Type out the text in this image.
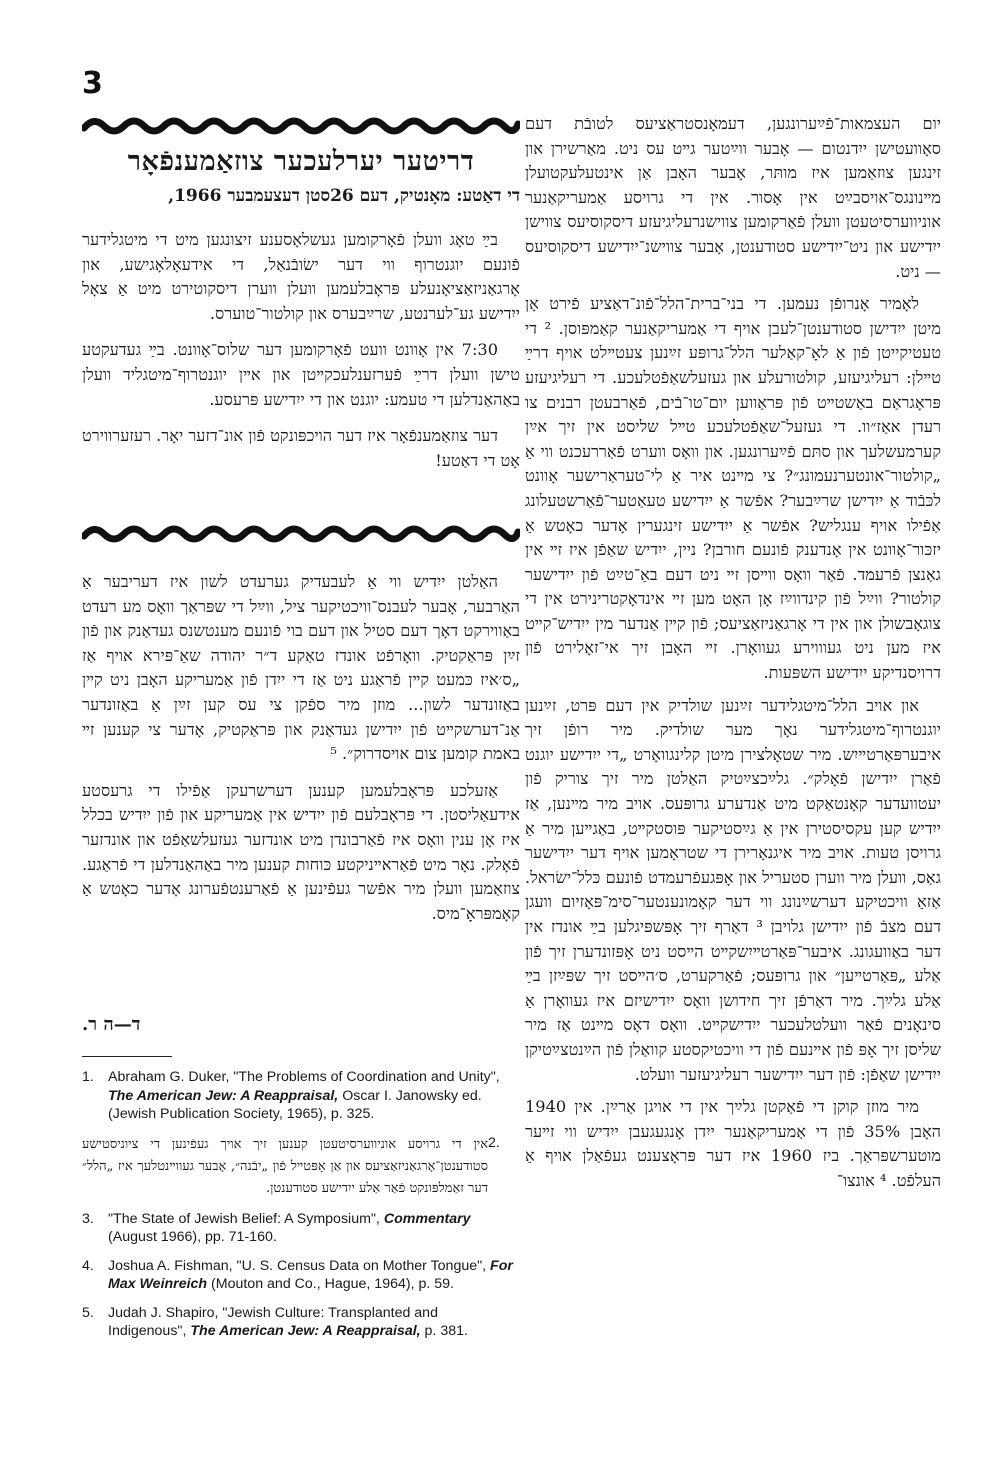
3

יום העצמאות־פֿײַערונגען, דעמאָנסטראַציעס לטובֿת דעם סאָוועטישן ייִדנטום — אָבער ווײַטער גײט עס ניט. מאַרשירן און זינגען צוזאַמען איז מותּר, אָבער האָבן אַן אינטעלעקטועלן מײנונגס־אויסבײַט אין אָסור. אין די גרויסע אַמעריקאַנער אוניווערסיטעטן וועלן פֿאַרקומען צווישנרעליגיעזע דיסקוסיעס צווישן ייִדישע און ניט־ייִדישע סטודענטן, אָבער צווישנ־ייִדישע דיסקוסיעס — ניט.

לאָמיר אָנרופֿן נעמען. די בני־ברית־הלל־פֿונ־דאַציע פֿירט אָן מיטן ייִדישן סטודענטן־לעבן אויף די אַמעריקאַנער קאַמפּוסן. ² די טעטיקייטן פֿון אַ לאָ־קאַלער הלל־גרופּע זײַנען צעטײלט אויף דרײַ טײלן: רעליגיעזע, קולטורעלע און געזעלשאַפֿטלעכע. די רעליגיעזע פּראָגראַם באַשטײט פֿון פּראַווען יום־טו־בֿים, פֿאַרבעטן רבנים צו רעדן אאַז״וו. די געזעל־שאַפֿטלעכע טײל שליסט אין זיך אײַן קערמעשלעך און סתּם פֿײַערונגען. און וואָס ווערט פֿאַררעכנט ווי אַ „קולטור־אונטערנעמונג״? צי מײנט איר אַ לי־טעראַרישער אָוונט לכּבֿוד אַ ייִדישן שרײַבער? אפֿשר אַ ייִדישע טעאַטער־פֿאַרשטעלונג אַפֿילו אויף ענגליש? אפֿשר אַ ייִדישע זינגערין אָדער כאָטש אַ יזכּור־אָוונט אין אָנדענק פֿונעם חורבן? ניין, ייִדיש שאַפֿן איז זײ אין גאַנצן פֿרעמד. פֿאַר וואָס ווײסן זײ ניט דעם באַ־טײַט פֿון ייִדישער קולטור? ווײַל פֿון קינדווײַז אָן האָט מען זײ אינדאָקטרינירט אין די צוגאָבשולן און אין די אָרגאַניזאַציעס; פֿון קײן אַנדער מין ייִדיש־קײט איז מען ניט געוווירע געוואָרן. זײ האָבן זיך אי־זאָלירט פֿון דרויסנדיקע ייִדישע השפּעות.

און אויב הלל־מיטגלידער זײַנען שולדיק אין דעם פּרט, זײַנען יוגנטרוף־מיטגלידער נאָך מער שולדיק. מיר רופֿן זיך איבערפּאַרטײיִש. מיר שטאָלצירן מיטן קלינגוואָרט „די ייִדישע יוגנט פֿאַרן ייִדישן פֿאָלק״. גלײַכצײַטיק האַלטן מיר זיך צוריק פֿון יעטוועדער קאָנטאַקט מיט אַנדערע גרופּעס. אויב מיר מײנען, אַז ייִדיש קען עקסיסטירן אין אַ גײַסטיקער פּוסטקײט, באַגײען מיר אַ גרויסן טעות. אויב מיר איגנאָרירן די שטראָמען אויף דער ייִדישער גאַס, וועלן מיר ווערן סטעריל און אָפּגעפֿרעמדט פֿונעם כּלל־ישׂראל. אַזאַ וויכטיקע דערשײַנונג ווי דער קאָמונענטער־סימ־פּאָזיום וועגן דעם מצבֿ פֿון ייִדישן גלויבן ³ דאַרף זיך אָפּשפּיגלען בײַ אונדז אין דער באַוועגונג. איבער־פּאַרטײיִשקײט הײסט ניט אָפּזונדערן זיך פֿון אַלע „פּאַרטײען״ און גרופּעס; פֿאַרקערט, ס׳הײסט זיך שפּײַזן בײַ אַלע גלײַך. מיר דאַרפֿן זיך חידושן וואָס ייִדישיזם איז געוואָרן אַ סינאָנים פֿאַר וועלטלעכער ייִדישקײט. וואָס דאָס מײנט אַז מיר שליסן זיך אָפּ פֿון אײנעם פֿון די וויכטיקסטע קוואַלן פֿון הײַנטצײַטיקן ייִדישן שאַפֿן: פֿון דער ייִדישער רעליגיעזער וועלט.

מיר מוזן קוקן די פֿאַקטן גלײַך אין די אויגן אַרײַן. אין 1940 האָבן 35% פֿון די אַמעריקאַנער ייִדן אָנגעגעבן ייִדיש ווי זײער מוטערשפּראַך. ביז 1960 איז דער פּראָצענט געפֿאַלן אויף אַ העלפֿט. ⁴ אונצו־

דריטער יערלעכער צוזאַמענפֿאָר
די דאַטע: מאָנטיק, דעם 26סטן דעצעמבער 1966,

בײַ טאָג וועלן פֿאָרקומען געשלאָסענע זיצונגען מיט די מיטגלידער פֿונעם יוגנטרוף ווי דער ישׂובֿנאַל, די אידעאָלאָגישע, און אָרגאַניזאַציאָנעלע פּראָבלעמען וועלן ווערן דיסקוטירט מיט אַ צאָל ייִדישע גע־לערנטע, שרײַבערס און קולטור־טוערס.

7:30 אין אָוונט וועט פֿאָרקומען דער שלוס־אָוונט. בײַ געדעקטע טישן וועלן דרײַ פֿערזענלעכקײטן און אײן יוגנטרוף־מיטגליד וועלן באַהאַנדלען די טעמע: יוגנט און די ייִדישע פּרעסע.

דער צוזאַמענפֿאָר איז דער הויכפּונקט פֿון אונ־דזער יאָר. רעזערווירט אָט די דאַטע!

האַלטן ייִדיש ווי אַ לעבעדיק גערעדט לשון איז דעריבער אַ האַרבער, אָבער לעבנס־וויכטיקער ציל, ווײַל די שפּראַך וואָס מע רעדט באַווירקט דאָך דעם סטיל און דעם בוי פֿונעם מענטשנס געדאַנק און פֿון זײַן פּראַקטיק. וואָרפֿט אונדז טאַקע ד״ר יהודה שאַ־פּירא אויף אַז „ס׳איז כּמעט קײן פֿראַגע ניט אַז די ייִדן פֿון אַמעריקע האָבן ניט קײן באַזונדער לשון... מוזן מיר ספֿקן צי עס קען זײַן אַ באַזונדער אַנ־דערשקײט פֿון ייִדישן געדאַנק און פּראַקטיק, אָדער צי קענען זײ באמת קומען צום אויסדרוק״. ⁵

אַזעלכע פּראָבלעמען קענען דערשרעקן אַפֿילו די גרעסטע אידעאַליסטן. די פּראָבלעם פֿון ייִדיש אין אַמעריקע און פֿון ייִדיש בכלל איז אָן ענין וואָס איז פֿאַרבונדן מיט אונדזער געזעלשאַפֿט און אונדזער פֿאָלק. נאָר מיט פֿאַראײניקטע כּוחות קענען מיר באַהאַנדלען די פֿראַגע. צוזאַמען וועלן מיר אפֿשר געפֿינען אַ פֿאַרענטפֿערונג אָדער כאָטש אַ קאָמפּראָ־מיס.

ד—ה ר.
1. Abraham G. Duker, "The Problems of Coordination and Unity", The American Jew: A Reappraisal, Oscar I. Janowsky ed. (Jewish Publication Society, 1965), p. 325.
2.
אין די גרויסע אוניווערסיטעטן קענען זיך אויך געפֿינען די ציוניסטישע סטודענטן־אָרגאַניזאַציעס און אַן אָפּטײל פֿון „יבֿנה״, אָבער געווײנטלעך איז „הלל״ דער זאַמלפּונקט פֿאַר אַלע ייִדישע סטודענטן.
3. "The State of Jewish Belief: A Symposium", Commentary (August 1966), pp. 71-160.
4. Joshua A. Fishman, "U. S. Census Data on Mother Tongue", For Max Weinreich (Mouton and Co., Hague, 1964), p. 59.
5. Judah J. Shapiro, "Jewish Culture: Transplanted and Indigenous", The American Jew: A Reappraisal, p. 381.
